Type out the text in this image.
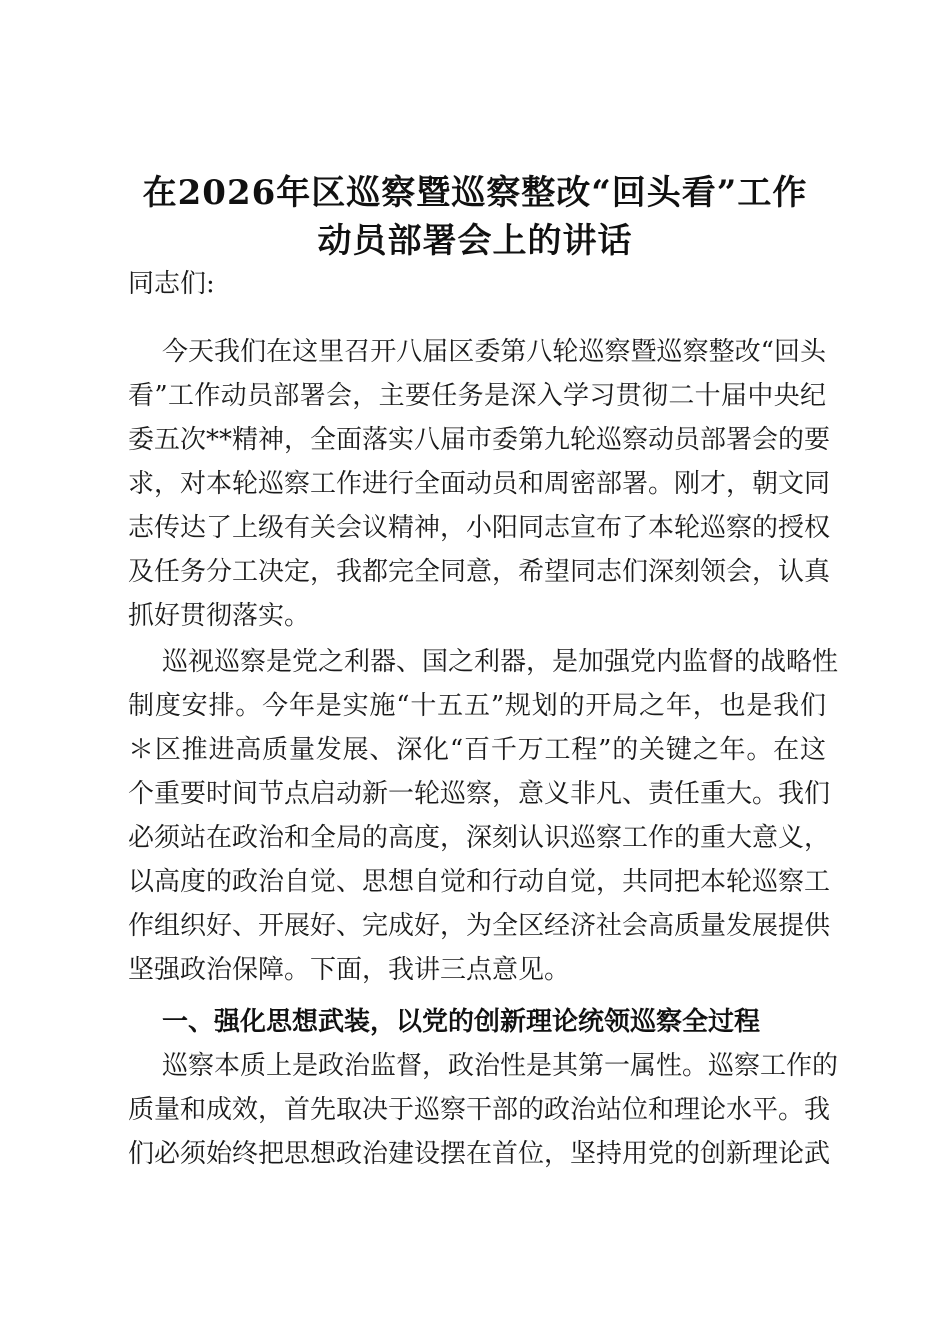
在2026年区巡察暨巡察整改“回头看”工作
动员部署会上的讲话
同志们:
今天我们在这里召开八届区委第八轮巡察暨巡察整改“回头
看”工作动员部署会，主要任务是深入学习贯彻二十届中央纪
委五次**精神，全面落实八届市委第九轮巡察动员部署会的要
求，对本轮巡察工作进行全面动员和周密部署。刚才，朝文同
志传达了上级有关会议精神，小阳同志宣布了本轮巡察的授权
及任务分工决定，我都完全同意，希望同志们深刻领会，认真
抓好贯彻落实。
巡视巡察是党之利器、国之利器，是加强党内监督的战略性
制度安排。今年是实施“十五五”规划的开局之年，也是我们
＊区推进高质量发展、深化“百千万工程”的关键之年。在这
个重要时间节点启动新一轮巡察，意义非凡、责任重大。我们
必须站在政治和全局的高度，深刻认识巡察工作的重大意义，
以高度的政治自觉、思想自觉和行动自觉，共同把本轮巡察工
作组织好、开展好、完成好，为全区经济社会高质量发展提供
坚强政治保障。下面，我讲三点意见。
一、强化思想武装，以党的创新理论统领巡察全过程
巡察本质上是政治监督，政治性是其第一属性。巡察工作的
质量和成效，首先取决于巡察干部的政治站位和理论水平。我
们必须始终把思想政治建设摆在首位，坚持用党的创新理论武
